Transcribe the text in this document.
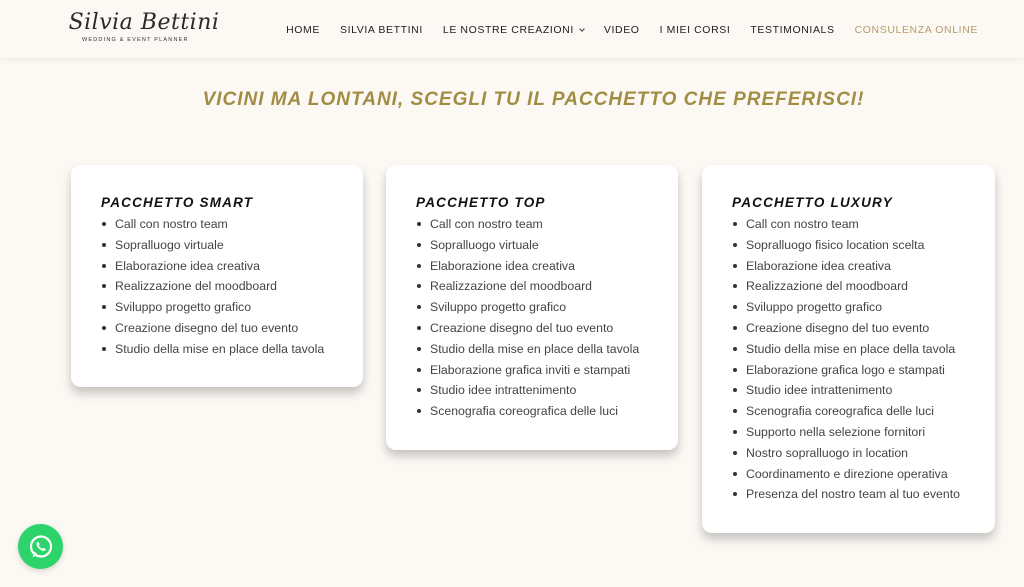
Silvia Bettini
WEDDING & EVENT PLANNER
HOME SILVIA BETTINI LE NOSTRE CREAZIONI	VIDEO I MIEI CORSI TESTIMONIALS CONSULENZA ONLINE
VICINI MA LONTANI, SCEGLI TU IL PACCHETTO CHE PREFERISCI!
PACCHETTO SMART
Call con nostro team
Sopralluogo virtuale
Elaborazione idea creativa
Realizzazione del moodboard
Sviluppo progetto grafico
Creazione disegno del tuo evento
Studio della mise en place della tavola
PACCHETTO TOP
Call con nostro team
Sopralluogo virtuale
Elaborazione idea creativa
Realizzazione del moodboard
Sviluppo progetto grafico
Creazione disegno del tuo evento
Studio della mise en place della tavola
Elaborazione grafica inviti e stampati
Studio idee intrattenimento
Scenografia coreografica delle luci
PACCHETTO LUXURY
Call con nostro team
Sopralluogo fisico location scelta
Elaborazione idea creativa
Realizzazione del moodboard
Sviluppo progetto grafico
Creazione disegno del tuo evento
Studio della mise en place della tavola
Elaborazione grafica logo e stampati
Studio idee intrattenimento
Scenografia coreografica delle luci
Supporto nella selezione fornitori
Nostro sopralluogo in location
Coordinamento e direzione operativa
Presenza del nostro team al tuo evento
